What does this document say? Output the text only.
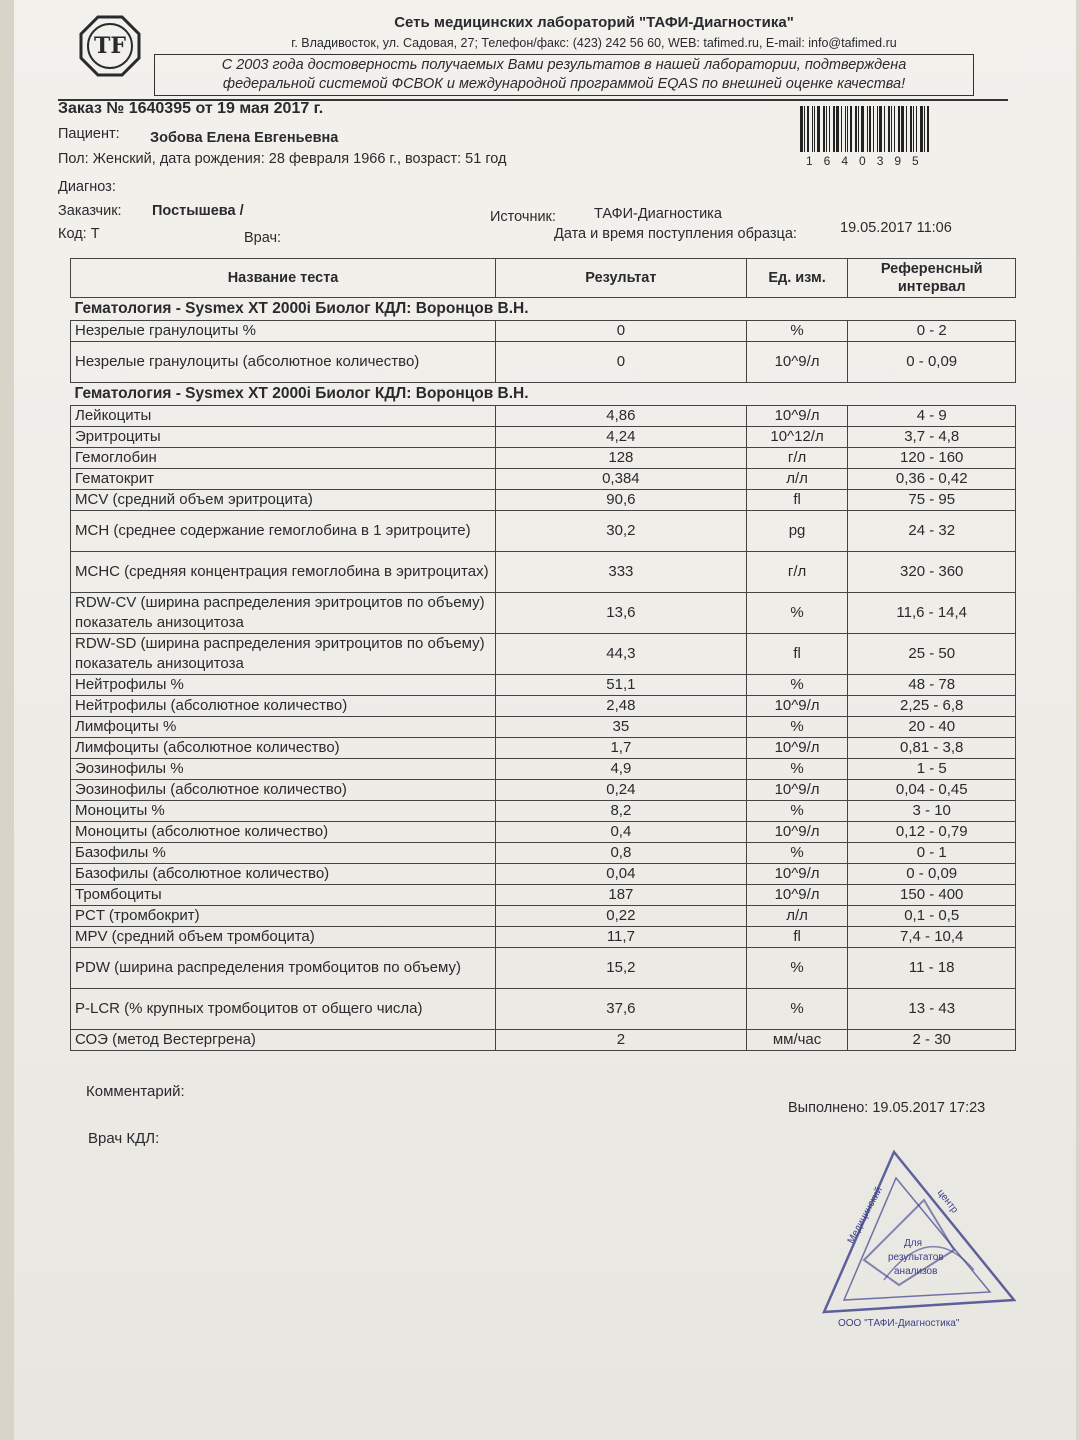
TF
Сеть медицинских лабораторий "ТАФИ-Диагностика"
г. Владивосток, ул. Садовая, 27; Телефон/факс: (423) 242 56 60, WEB: tafimed.ru, E-mail: info@tafimed.ru
С 2003 года достоверность получаемых Вами результатов в нашей лаборатории, подтверждена
федеральной системой ФСВОК и международной программой EQAS по внешней оценке качества!
Заказ № 1640395 от 19 мая 2017 г.
Пациент: Зобова Елена Евгеньевна
Пол: Женский, дата рождения: 28 февраля 1966 г., возраст: 51 год
Диагноз:
Заказчик: Постышева /	Источник:	ТАФИ-Диагностика
Код: Т	Врач:	Дата и время поступления образца:	19.05.2017 11:06
1640395
Название теста	Результат	Ед. изм.	Референсный интервал
Гематология - Sysmex XT 2000i Биолог КДЛ: Воронцов В.Н.			
Незрелые гранулоциты %	0	%	0 - 2
Незрелые гранулоциты (абсолютное количество)	0	10^9/л	0 - 0,09
Гематология - Sysmex XT 2000i Биолог КДЛ: Воронцов В.Н.			
Лейкоциты	4,86	10^9/л	4 - 9
Эритроциты	4,24	10^12/л	3,7 - 4,8
Гемоглобин	128	г/л	120 - 160
Гематокрит	0,384	л/л	0,36 - 0,42
MCV (средний объем эритроцита)	90,6	fl	75 - 95
MCH (среднее содержание гемоглобина в 1 эритроците)	30,2	pg	24 - 32
MCHC (средняя концентрация гемоглобина в эритроцитах)	333	г/л	320 - 360
RDW-CV (ширина распределения эритроцитов по объему) показатель анизоцитоза	13,6	%	11,6 - 14,4
RDW-SD (ширина распределения эритроцитов по объему) показатель анизоцитоза	44,3	fl	25 - 50
Нейтрофилы %	51,1	%	48 - 78
Нейтрофилы (абсолютное количество)	2,48	10^9/л	2,25 - 6,8
Лимфоциты %	35	%	20 - 40
Лимфоциты (абсолютное количество)	1,7	10^9/л	0,81 - 3,8
Эозинофилы %	4,9	%	1 - 5
Эозинофилы (абсолютное количество)	0,24	10^9/л	0,04 - 0,45
Моноциты %	8,2	%	3 - 10
Моноциты (абсолютное количество)	0,4	10^9/л	0,12 - 0,79
Базофилы %	0,8	%	0 - 1
Базофилы (абсолютное количество)	0,04	10^9/л	0 - 0,09
Тромбоциты	187	10^9/л	150 - 400
PCT (тромбокрит)	0,22	л/л	0,1 - 0,5
MPV (средний объем тромбоцита)	11,7	fl	7,4 - 10,4
PDW (ширина распределения тромбоцитов по объему)	15,2	%	11 - 18
P-LCR (% крупных тромбоцитов от общего числа)	37,6	%	13 - 43
СОЭ (метод Вестергрена)	2	мм/час	2 - 30
Комментарий:
Выполнено: 19.05.2017 17:23
Врач КДЛ:
Медицинский	центр
Для
результатов
анализов
ООО "ТАФИ-Диагностика"
